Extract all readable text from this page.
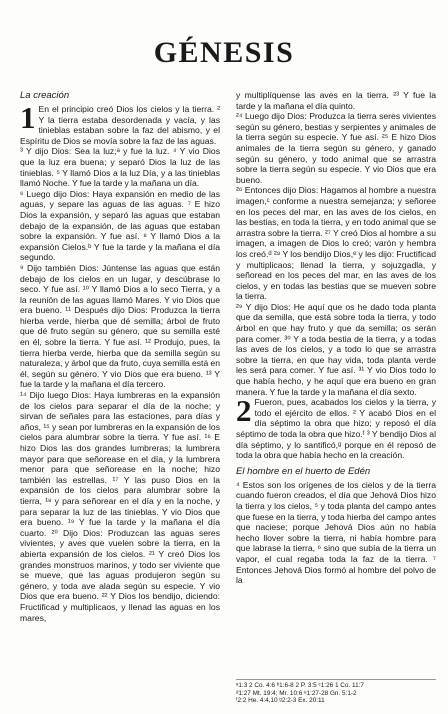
GÉNESIS

La creación

1 En el principio creó Dios los cielos y la tierra. ² Y la tierra estaba desordenada y vacía, y las tinieblas estaban sobre la faz del abismo, y el Espíritu de Dios se movía sobre la faz de las aguas.

³ Y dijo Dios: Sea la luz;ᵃ y fue la luz. ⁴ Y vio Dios que la luz era buena; y separó Dios la luz de las tinieblas. ⁵ Y llamó Dios a la luz Día, y a las tinieblas llamó Noche. Y fue la tarde y la mañana un día.

⁶ Luego dijo Dios: Haya expansión en medio de las aguas, y separe las aguas de las aguas. ⁷ E hizo Dios la expansión, y separó las aguas que estaban debajo de la expansión, de las aguas que estaban sobre la expansión. Y fue así. ⁸ Y llamó Dios a la expansión Cielos.ᵇ Y fue la tarde y la mañana el día segundo.

⁹ Dijo también Dios: Júntense las aguas que están debajo de los cielos en un lugar, y descúbrase lo seco. Y fue así. ¹⁰ Y llamó Dios a lo seco Tierra, y a la reunión de las aguas llamó Mares. Y vio Dios que era bueno. ¹¹ Después dijo Dios: Produzca la tierra hierba verde, hierba que dé semilla; árbol de fruto que dé fruto según su género, que su semilla esté en él, sobre la tierra. Y fue así. ¹² Produjo, pues, la tierra hierba verde, hierba que da semilla según su naturaleza, y árbol que da fruto, cuya semilla está en él, según su género. Y vio Dios que era bueno. ¹³ Y fue la tarde y la mañana el día tercero.

¹⁴ Dijo luego Dios: Haya lumbreras en la expansión de los cielos para separar el día de la noche; y sirvan de señales para las estaciones, para días y años, ¹⁵ y sean por lumbreras en la expansión de los cielos para alumbrar sobre la tierra. Y fue así. ¹⁶ E hizo Dios las dos grandes lumbreras; la lumbrera mayor para que señorease en el día, y la lumbrera menor para que señorease en la noche; hizo también las estrellas. ¹⁷ Y las puso Dios en la expansión de los cielos para alumbrar sobre la tierra, ¹⁸ y para señorear en el día y en la noche, y para separar la luz de las tinieblas. Y vio Dios que era bueno. ¹⁹ Y fue la tarde y la mañana el día cuarto. ²⁰ Dijo Dios: Produzcan las aguas seres vivientes, y aves que vuelen sobre la tierra, en la abierta expansión de los cielos. ²¹ Y creó Dios los grandes monstruos marinos, y todo ser viviente que se mueve, que las aguas produjeron según su género, y toda ave alada según su especie. Y vio Dios que era bueno. ²² Y Dios los bendijo, diciendo: Fructificad y multiplicaos, y llenad las aguas en los mares,

y multiplíquense las aves en la tierra. ²³ Y fue la tarde y la mañana el día quinto.

²⁴ Luego dijo Dios: Produzca la tierra seres vivientes según su género, bestias y serpientes y animales de la tierra según su especie. Y fue así. ²⁵ E hizo Dios animales de la tierra según su género, y ganado según su género, y todo animal que se arrastra sobre la tierra según su especie. Y vio Dios que era bueno.

²⁶ Entonces dijo Dios: Hagamos al hombre a nuestra imagen,ᶜ conforme a nuestra semejanza; y señoree en los peces del mar, en las aves de los cielos, en las bestias, en toda la tierra, y en todo animal que se arrastra sobre la tierra. ²⁷ Y creó Dios al hombre a su imagen, a imagen de Dios lo creó; varón y hembra los creó.ᵈ ²⁸ Y los bendijo Dios,ᵉ y les dijo: Fructificad y multiplicaos; llenad la tierra, y sojuzgadla, y señoread en los peces del mar, en las aves de los cielos, y en todas las bestias que se mueven sobre la tierra.

²⁹ Y dijo Dios: He aquí que os he dado toda planta que da semilla, que está sobre toda la tierra, y todo árbol en que hay fruto y que da semilla; os serán para comer. ³⁰ Y a toda bestia de la tierra, y a todas las aves de los cielos, y a todo lo que se arrastra sobre la tierra, en que hay vida, toda planta verde les será para comer. Y fue así. ³¹ Y vio Dios todo lo que había hecho, y he aquí que era bueno en gran manera. Y fue la tarde y la mañana el día sexto.

2 Fueron, pues, acabados los cielos y la tierra, y todo el ejército de ellos. ² Y acabó Dios en el día séptimo la obra que hizo; y reposó el día séptimo de toda la obra que hizo.ᶠ ³ Y bendijo Dios al día séptimo, y lo santificó,ᵍ porque en él reposó de toda la obra que había hecho en la creación.

El hombre en el huerto de Edén

⁴ Estos son los orígenes de los cielos y de la tierra cuando fueron creados, el día que Jehová Dios hizo la tierra y los cielos, ⁵ y toda planta del campo antes que fuese en la tierra, y toda hierba del campo antes que naciese; porque Jehová Dios aún no había hecho llover sobre la tierra, ni había hombre para que labrase la tierra, ⁶ sino que subía de la tierra un vapor, el cual regaba toda la faz de la tierra. ⁷ Entonces Jehová Dios formó al hombre del polvo de la

ᵃ1:3 2 Co. 4:6 ᵇ1:6-8 2 P. 3:5 ᶜ1:26 1 Co. 11:7
ᵈ1:27 Mt. 19:4; Mr. 10:6 ᵉ1:27-28 Gn. 5:1-2
ᶠ2:2 He. 4:4,10 ᵍ2:2-3 Ex. 20:11
